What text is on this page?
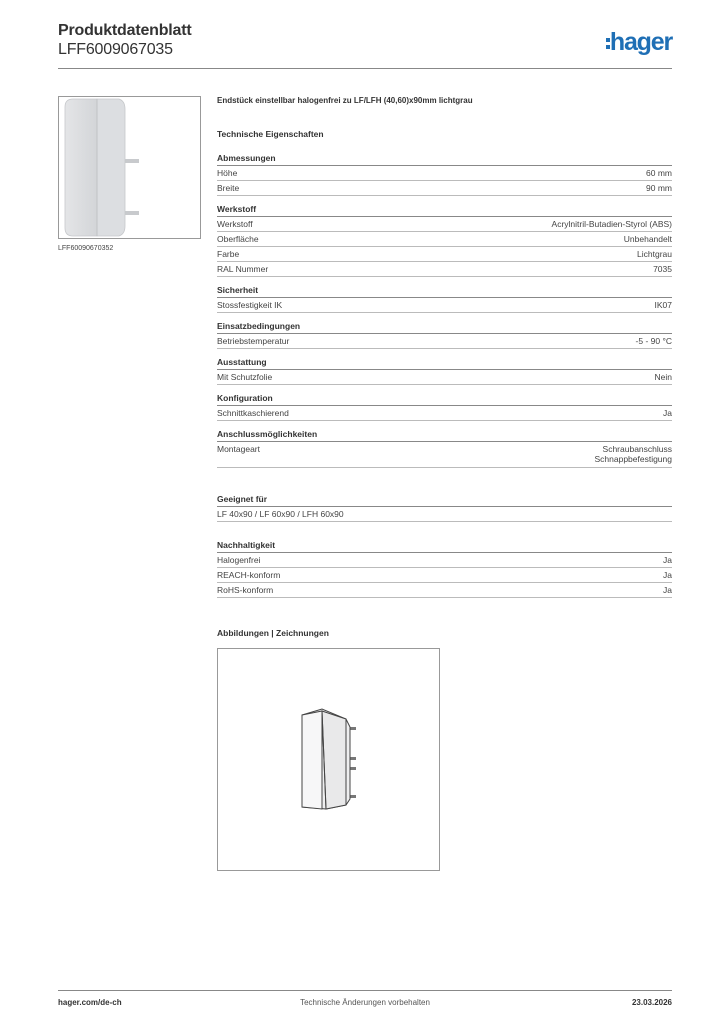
Produktdatenblatt
LFF6009067035	hager
LFF60090670352
Endstück einstellbar halogenfrei zu LF/LFH (40,60)x90mm lichtgrau
Technische Eigenschaften
Abmessungen
Höhe	60 mm
Breite	90 mm
Werkstoff
Werkstoff	Acrylnitril-Butadien-Styrol (ABS)
Oberfläche	Unbehandelt
Farbe	Lichtgrau
RAL Nummer	7035
Sicherheit
Stossfestigkeit IK	IK07
Einsatzbedingungen
Betriebstemperatur	-5 - 90 °C
Ausstattung
Mit Schutzfolie	Nein
Konfiguration
Schnittkaschierend	Ja
Anschlussmöglichkeiten
Montageart	Schraubanschluss
Schnappbefestigung
Geeignet für
LF 40x90 / LF 60x90 / LFH 60x90
Nachhaltigkeit
Halogenfrei	Ja
REACH-konform	Ja
RoHS-konform	Ja
Abbildungen | Zeichnungen
hager.com/de-ch	Technische Änderungen vorbehalten	23.03.2026
